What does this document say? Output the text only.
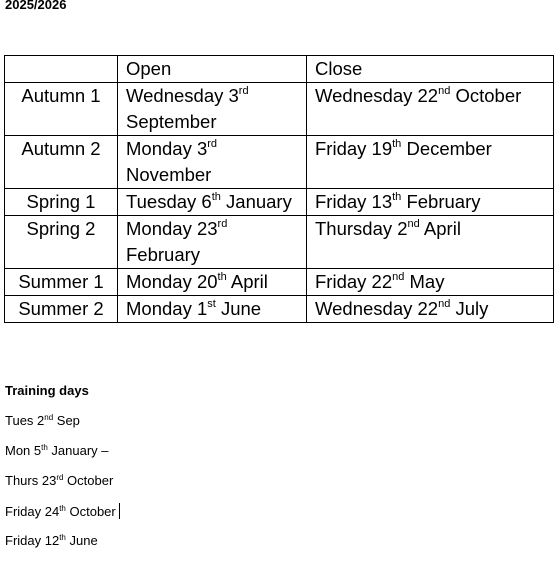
2025/2026
	Open	Close
Autumn 1	Wednesday 3rd September	Wednesday 22nd October
Autumn 2	Monday 3rd November	Friday 19th December
Spring 1	Tuesday 6th January	Friday 13th February
Spring 2	Monday 23rd February	Thursday 2nd April
Summer 1	Monday 20th April	Friday 22nd May
Summer 2	Monday 1st June	Wednesday 22nd July
Training days
Tues 2nd Sep
Mon 5th January –
Thurs 23rd October
Friday 24th October
Friday 12th June
